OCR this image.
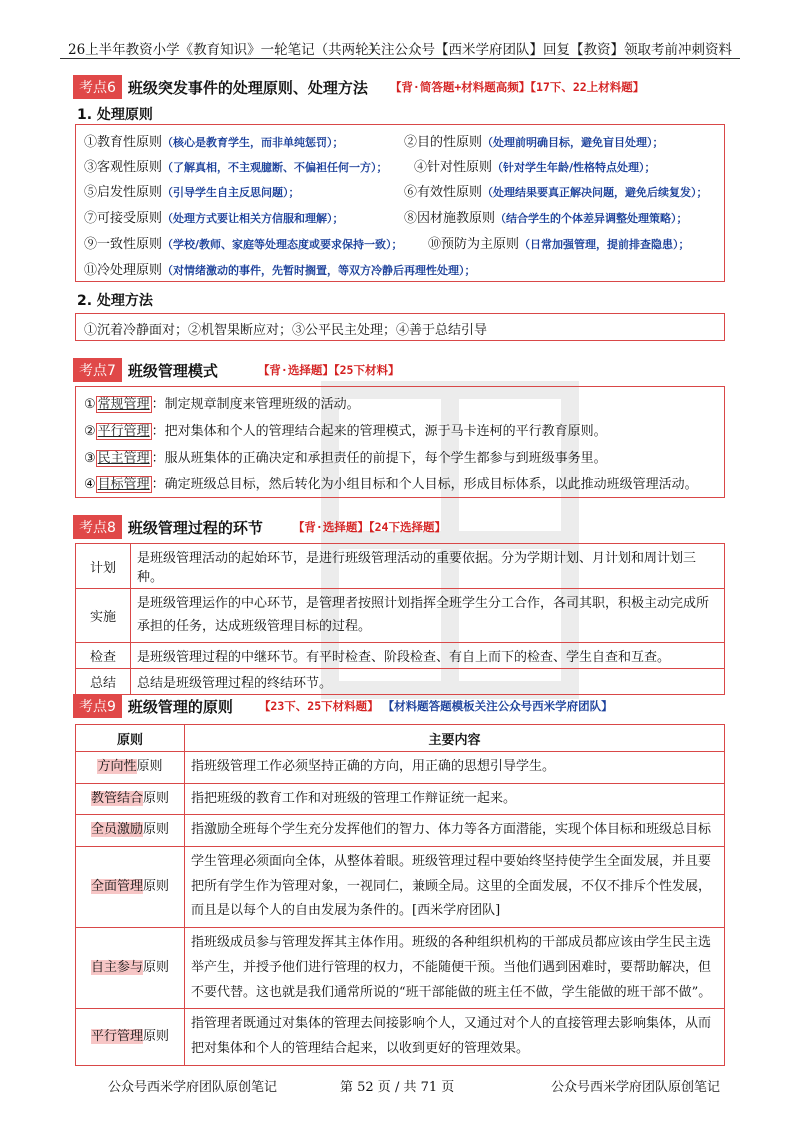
26上半年教资小学《教育知识》一轮笔记（共两轮）
关注公众号【西米学府团队】回复【教资】领取考前冲刺资料
考点6 班级突发事件的处理原则、处理方法 【背·简答题+材料题高频】【17下、22上材料题】
1. 处理原则
①教育性原则（核心是教育学生，而非单纯惩罚）；	②目的性原则（处理前明确目标，避免盲目处理）；
③客观性原则（了解真相，不主观臆断、不偏袒任何一方）； ④针对性原则（针对学生年龄/性格特点处理）；
⑤启发性原则（引导学生自主反思问题）；	⑥有效性原则（处理结果要真正解决问题，避免后续复发）；
⑦可接受原则（处理方式要让相关方信服和理解）；	⑧因材施教原则（结合学生的个体差异调整处理策略）；
⑨一致性原则（学校/教师、家庭等处理态度或要求保持一致）； ⑩预防为主原则（日常加强管理，提前排查隐患）；
⑪冷处理原则（对情绪激动的事件，先暂时搁置，等双方冷静后再理性处理）；
2. 处理方法
①沉着冷静面对；②机智果断应对；③公平民主处理；④善于总结引导
考点7 班级管理模式	【背·选择题】【25下材料】
① 常规管理 ：制定规章制度来管理班级的活动。
② 平行管理 ：把对集体和个人的管理结合起来的管理模式，源于马卡连柯的平行教育原则。
③ 民主管理 ：服从班集体的正确决定和承担责任的前提下，每个学生都参与到班级事务里。
④ 目标管理 ：确定班级总目标，然后转化为小组目标和个人目标，形成目标体系，以此推动班级管理活动。
考点8 班级管理过程的环节	【背·选择题】【24下选择题】
计划	是班级管理活动的起始环节，是进行班级管理活动的重要依据。分为学期计划、月计划和周计划三种。
实施	是班级管理运作的中心环节，是管理者按照计划指挥全班学生分工合作，各司其职，积极主动完成所承担的任务，达成班级管理目标的过程。
检查	是班级管理过程的中继环节。有平时检查、阶段检查、有自上而下的检查、学生自查和互查。
总结	总结是班级管理过程的终结环节。
考点9 班级管理的原则 【23下、25下材料题】 【材料题答题模板关注公众号西米学府团队】
原则	主要内容
方向性原则	指班级管理工作必须坚持正确的方向，用正确的思想引导学生。
教管结合原则	指把班级的教育工作和对班级的管理工作辩证统一起来。
全员激励原则	指激励全班每个学生充分发挥他们的智力、体力等各方面潜能，实现个体目标和班级总目标
全面管理原则	学生管理必须面向全体，从整体着眼。班级管理过程中要始终坚持使学生全面发展，并且要把所有学生作为管理对象，一视同仁，兼顾全局。这里的全面发展，不仅不排斥个性发展，而且是以每个人的自由发展为条件的。[西米学府团队]
自主参与原则	指班级成员参与管理发挥其主体作用。班级的各种组织机构的干部成员都应该由学生民主选举产生，并授予他们进行管理的权力，不能随便干预。当他们遇到困难时，要帮助解决，但不要代替。这也就是我们通常所说的“班干部能做的班主任不做，学生能做的班干部不做”。
平行管理原则	指管理者既通过对集体的管理去间接影响个人，又通过对个人的直接管理去影响集体，从而把对集体和个人的管理结合起来，以收到更好的管理效果。
公众号西米学府团队原创笔记	第 52 页 / 共 71 页	公众号西米学府团队原创笔记
